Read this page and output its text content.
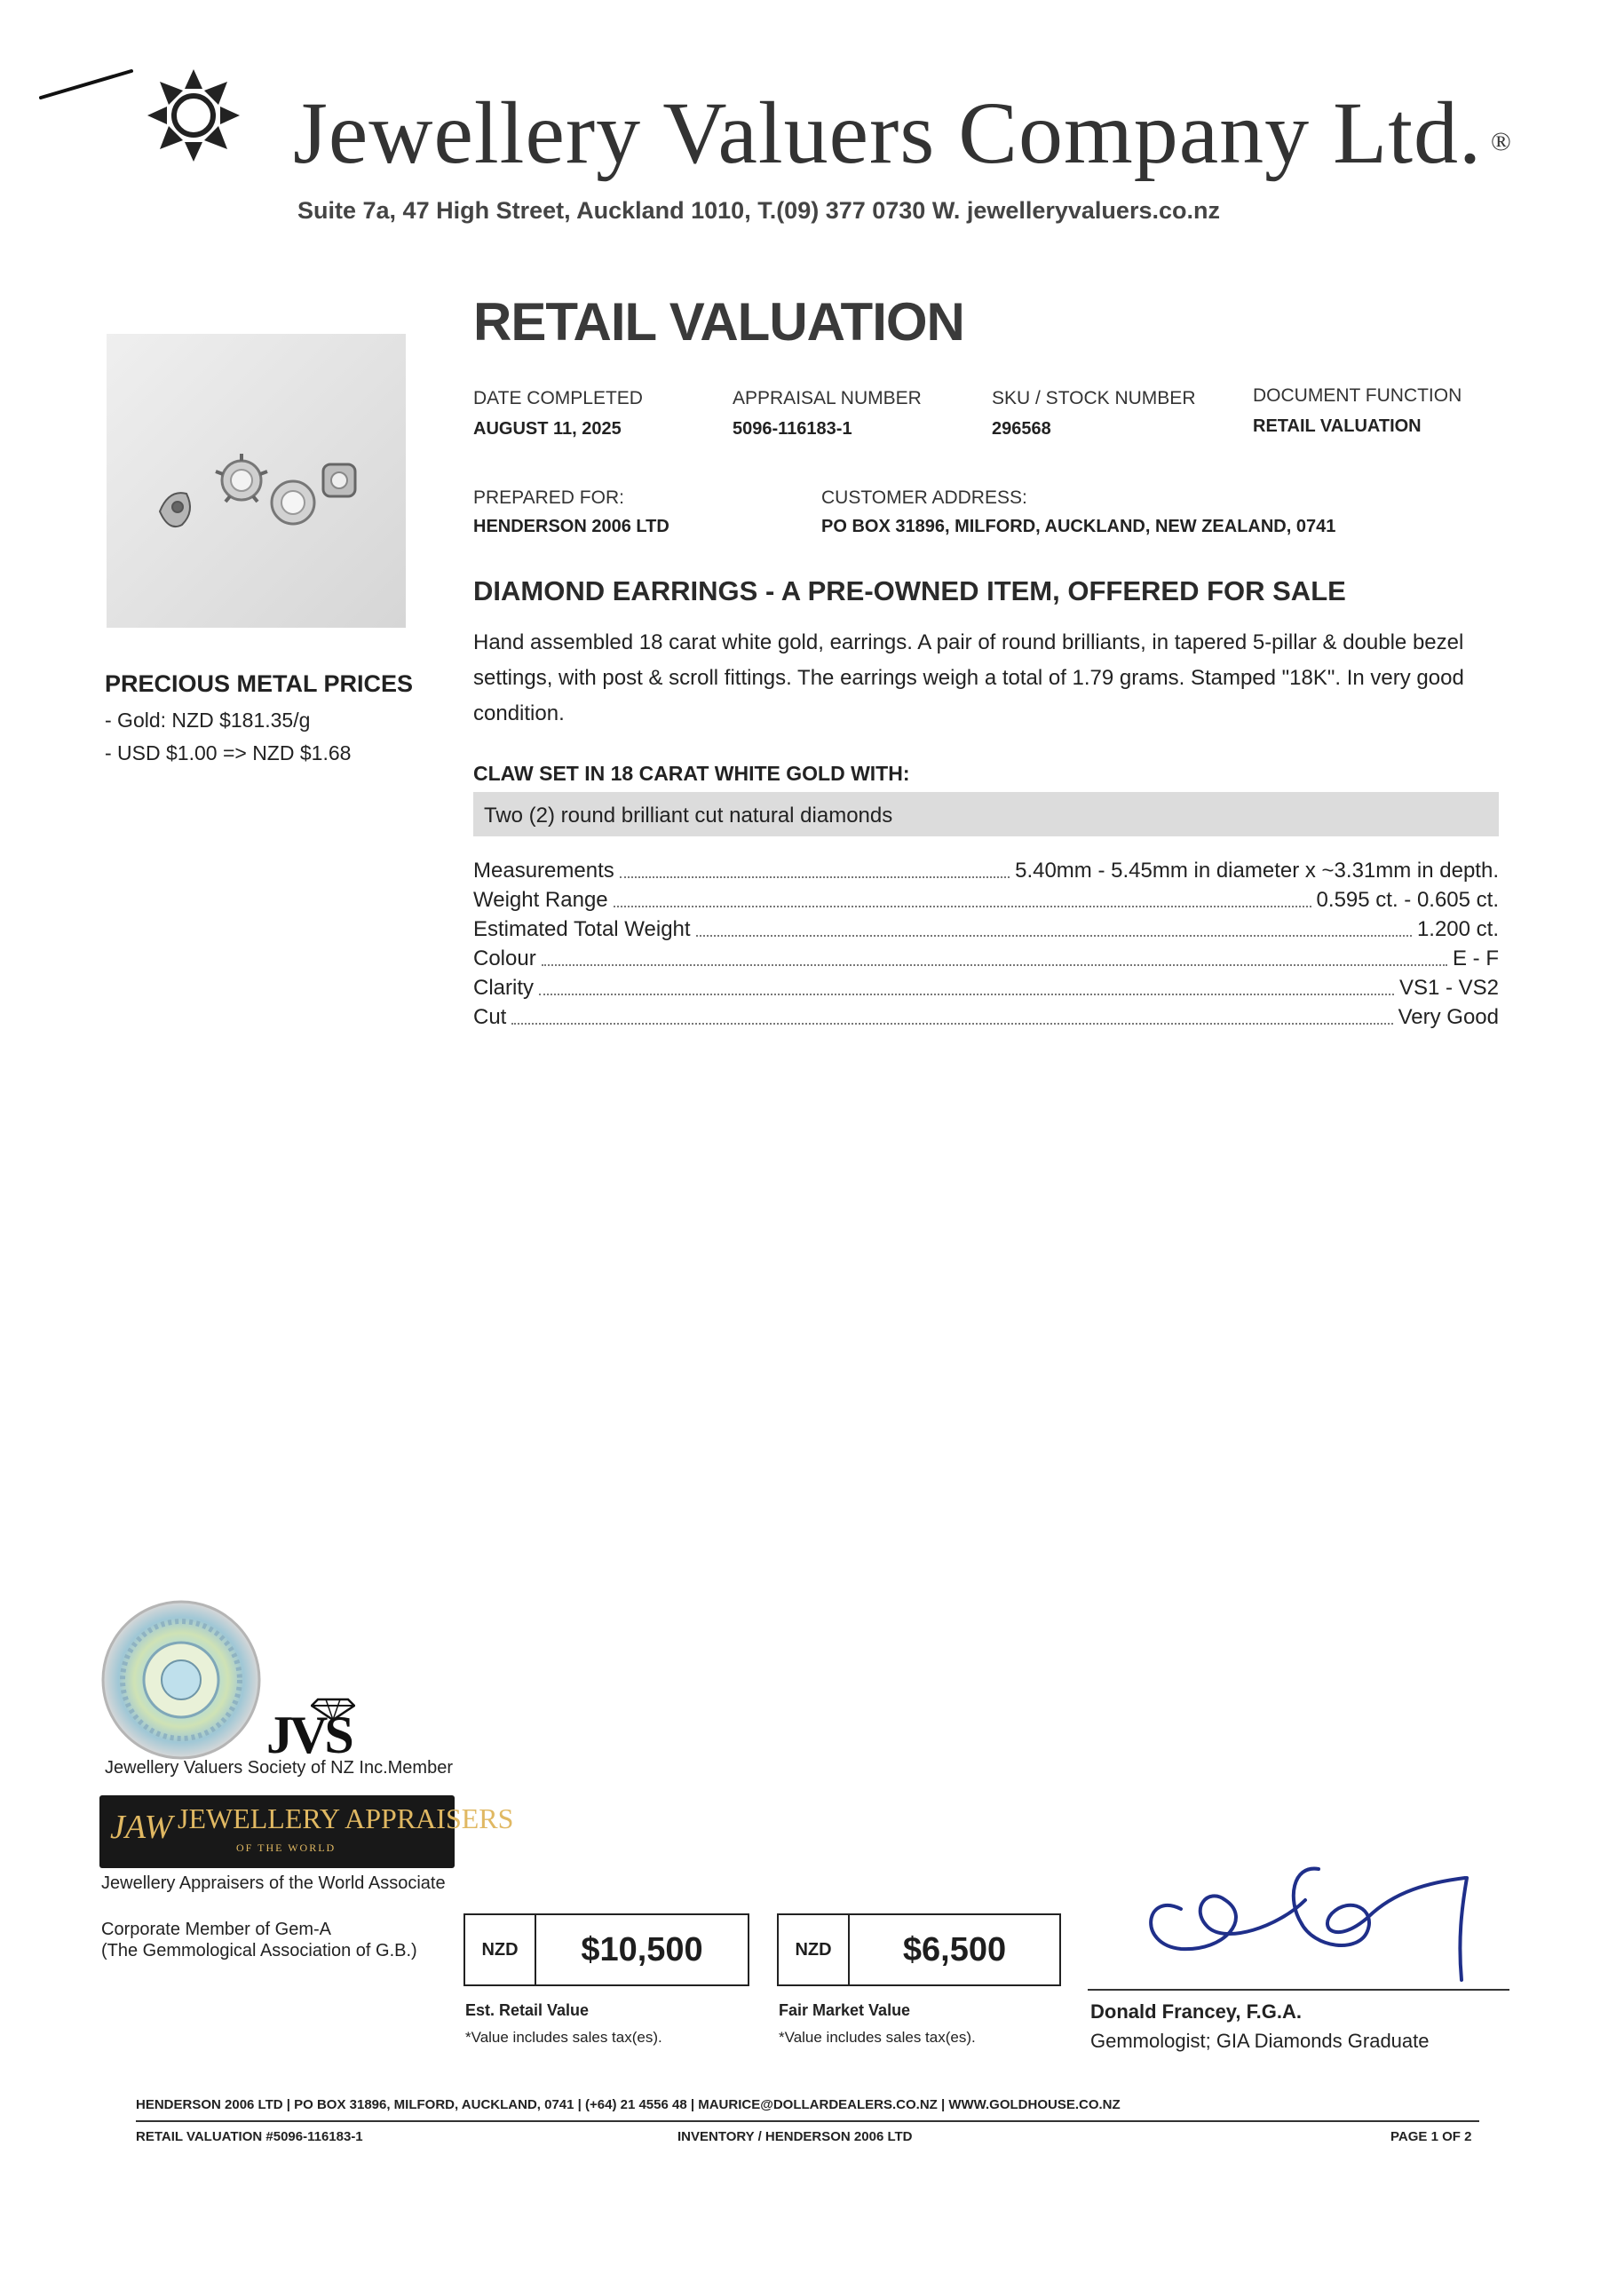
Jewellery Valuers Company Ltd. ®
Suite 7a, 47 High Street, Auckland 1010, T.(09) 377 0730 W. jewelleryvaluers.co.nz
RETAIL VALUATION
DATE COMPLETED
AUGUST 11, 2025
APPRAISAL NUMBER
5096-116183-1
SKU / STOCK NUMBER
296568
DOCUMENT FUNCTION
RETAIL VALUATION
PREPARED FOR:
HENDERSON 2006 LTD
CUSTOMER ADDRESS:
PO BOX 31896, MILFORD, AUCKLAND, NEW ZEALAND, 0741
PRECIOUS METAL PRICES
- Gold: NZD $181.35/g
- USD $1.00 => NZD $1.68
DIAMOND EARRINGS - A PRE-OWNED ITEM, OFFERED FOR SALE
Hand assembled 18 carat white gold, earrings. A pair of round brilliants, in tapered 5-pillar & double bezel settings, with post & scroll fittings. The earrings weigh a total of 1.79 grams. Stamped "18K". In very good condition.
CLAW SET IN 18 CARAT WHITE GOLD WITH:
Two (2) round brilliant cut natural diamonds
Measurements	5.40mm - 5.45mm in diameter x ~3.31mm in depth.
Weight Range	0.595 ct. - 0.605 ct.
Estimated Total Weight	1.200 ct.
Colour	E - F
Clarity	VS1 - VS2
Cut	Very Good
JVS
Jewellery Valuers Society of NZ Inc.Member
JAW JEWELLERY APPRAISERS
OF THE WORLD
Jewellery Appraisers of the World Associate
Corporate Member of Gem-A
(The Gemmological Association of G.B.)	NZD	$10,500
Est. Retail Value
*Value includes sales tax(es).
NZD	$6,500
Fair Market Value
*Value includes sales tax(es).
Donald Francey, F.G.A.
Gemmologist; GIA Diamonds Graduate
HENDERSON 2006 LTD | PO BOX 31896, MILFORD, AUCKLAND, 0741 | (+64) 21 4556 48 | MAURICE@DOLLARDEALERS.CO.NZ | WWW.GOLDHOUSE.CO.NZ
RETAIL VALUATION #5096-116183-1	INVENTORY / HENDERSON 2006 LTD	PAGE 1 OF 2
